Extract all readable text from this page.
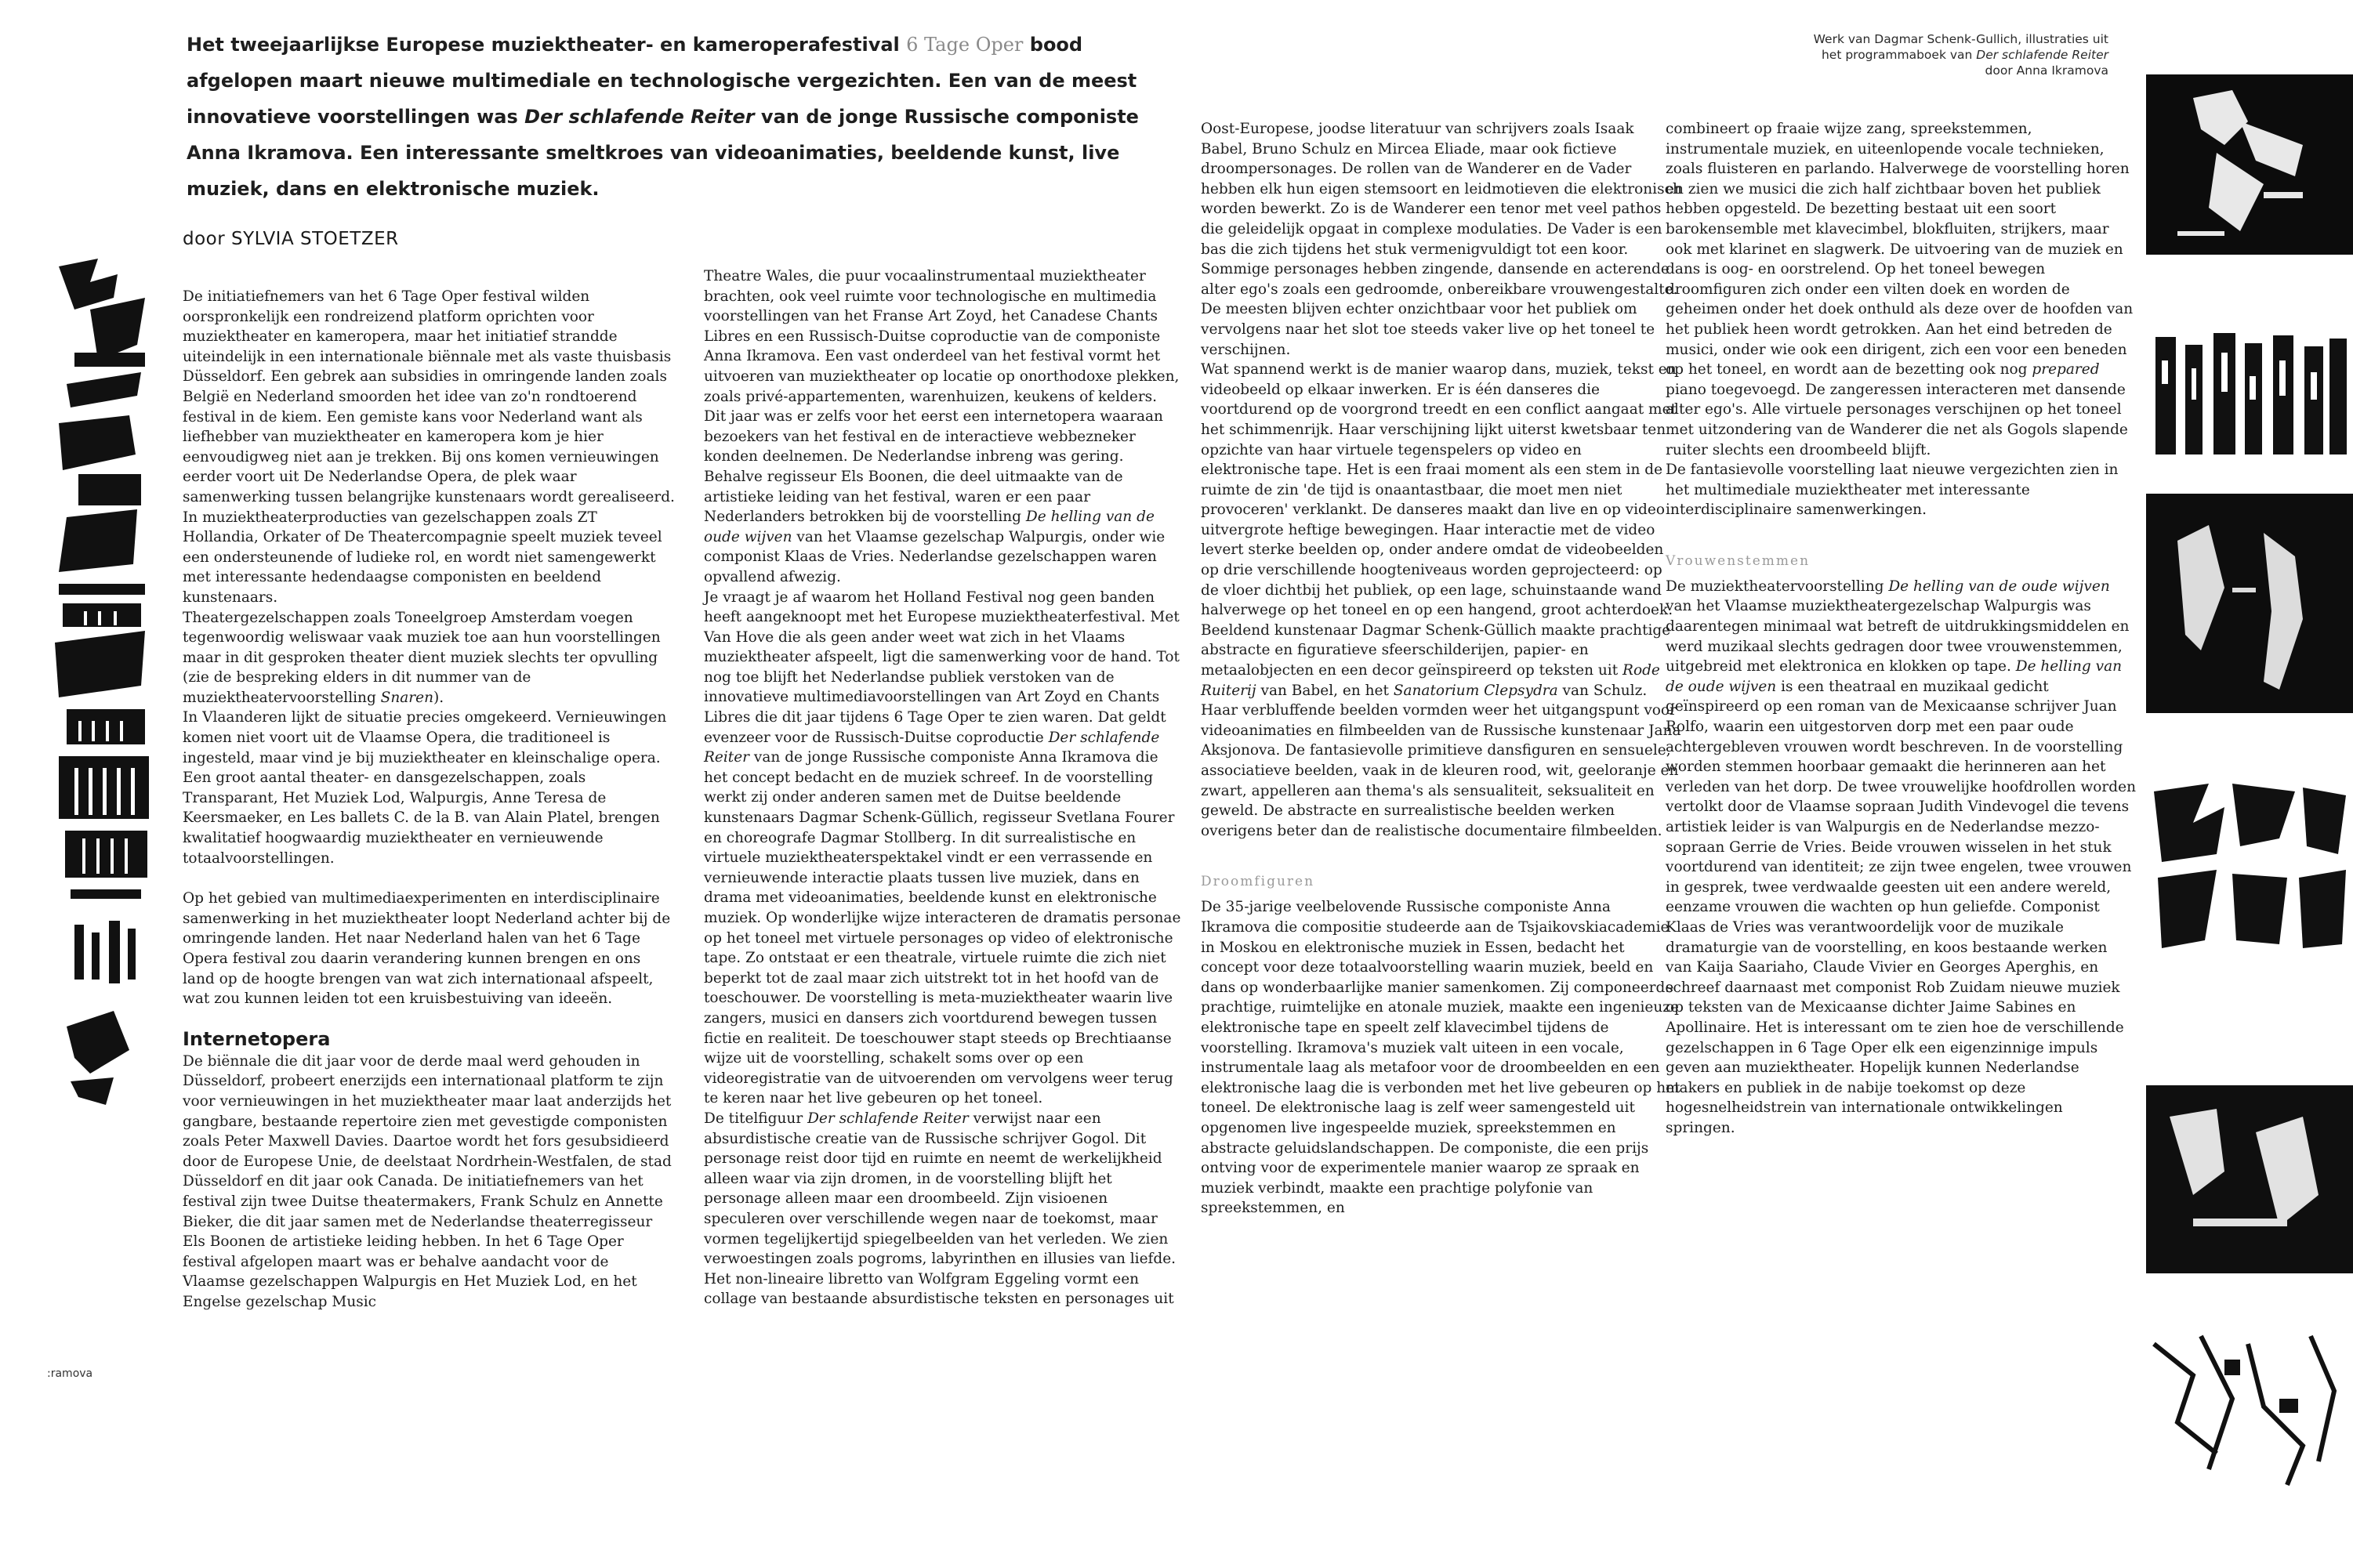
Het tweejaarlijkse Europese muziektheater- en kameroperafestival 6 Tage Oper bood afgelopen maart nieuwe multimediale en technologische vergezichten. Een van de meest innovatieve voorstellingen was Der schlafende Reiter van de jonge Russische componiste Anna Ikramova. Een interessante smeltkroes van videoanimaties, beeldende kunst, live muziek, dans en elektronische muziek.

door SYLVIA STOETZER

Werk van Dagmar Schenk-Gullich, illustraties uit het programmaboek van Der schlafende Reiter door Anna Ikramova
:ramova

De initiatiefnemers van het 6 Tage Oper festival wilden oorspronkelijk een rondreizend platform oprichten voor muziektheater en kameropera, maar het initiatief strandde uiteindelijk in een internationale biënnale met als vaste thuisbasis Düsseldorf. Een gebrek aan subsidies in omringende landen zoals België en Nederland smoorden het idee van zo'n rondtoerend festival in de kiem. Een gemiste kans voor Nederland want als liefhebber van muziektheater en kameropera kom je hier eenvoudigweg niet aan je trekken. Bij ons komen vernieuwingen eerder voort uit De Nederlandse Opera, de plek waar samenwerking tussen belangrijke kunstenaars wordt gerealiseerd. In muziektheaterproducties van gezelschappen zoals ZT Hollandia, Orkater of De Theatercompagnie speelt muziek teveel een ondersteunende of ludieke rol, en wordt niet samengewerkt met interessante hedendaagse componisten en beeldend kunstenaars.

Theatergezelschappen zoals Toneelgroep Amsterdam voegen tegenwoordig weliswaar vaak muziek toe aan hun voorstellingen maar in dit gesproken theater dient muziek slechts ter opvulling (zie de bespreking elders in dit nummer van de muziektheatervoorstelling Snaren).

In Vlaanderen lijkt de situatie precies omgekeerd. Vernieuwingen komen niet voort uit de Vlaamse Opera, die traditioneel is ingesteld, maar vind je bij muziektheater en kleinschalige opera. Een groot aantal theater- en dansgezelschappen, zoals Transparant, Het Muziek Lod, Walpurgis, Anne Teresa de Keersmaeker, en Les ballets C. de la B. van Alain Platel, brengen kwalitatief hoogwaardig muziektheater en vernieuwende totaalvoorstellingen.

Op het gebied van multimediaexperimenten en interdisciplinaire samenwerking in het muziektheater loopt Nederland achter bij de omringende landen. Het naar Nederland halen van het 6 Tage Opera festival zou daarin verandering kunnen brengen en ons land op de hoogte brengen van wat zich internationaal afspeelt, wat zou kunnen leiden tot een kruisbestuiving van ideeën.

Internetopera

De biënnale die dit jaar voor de derde maal werd gehouden in Düsseldorf, probeert enerzijds een internationaal platform te zijn voor vernieuwingen in het muziektheater maar laat anderzijds het gangbare, bestaande repertoire zien met gevestigde componisten zoals Peter Maxwell Davies. Daartoe wordt het fors gesubsidieerd door de Europese Unie, de deelstaat Nordrhein-Westfalen, de stad Düsseldorf en dit jaar ook Canada. De initiatiefnemers van het festival zijn twee Duitse theatermakers, Frank Schulz en Annette Bieker, die dit jaar samen met de Nederlandse theaterregisseur Els Boonen de artistieke leiding hebben. In het 6 Tage Oper festival afgelopen maart was er behalve aandacht voor de Vlaamse gezelschappen Walpurgis en Het Muziek Lod, en het Engelse gezelschap Music

Theatre Wales, die puur vocaalinstrumentaal muziektheater brachten, ook veel ruimte voor technologische en multimedia voorstellingen van het Franse Art Zoyd, het Canadese Chants Libres en een Russisch-Duitse coproductie van de componiste Anna Ikramova. Een vast onderdeel van het festival vormt het uitvoeren van muziektheater op locatie op onorthodoxe plekken, zoals privé-appartementen, warenhuizen, keukens of kelders. Dit jaar was er zelfs voor het eerst een internetopera waaraan bezoekers van het festival en de interactieve webbezneker konden deelnemen. De Nederlandse inbreng was gering. Behalve regisseur Els Boonen, die deel uitmaakte van de artistieke leiding van het festival, waren er een paar Nederlanders betrokken bij de voorstelling De helling van de oude wijven van het Vlaamse gezelschap Walpurgis, onder wie componist Klaas de Vries. Nederlandse gezelschappen waren opvallend afwezig.

Je vraagt je af waarom het Holland Festival nog geen banden heeft aangeknoopt met het Europese muziektheaterfestival. Met Van Hove die als geen ander weet wat zich in het Vlaams muziektheater afspeelt, ligt die samenwerking voor de hand. Tot nog toe blijft het Nederlandse publiek verstoken van de innovatieve multimediavoorstellingen van Art Zoyd en Chants Libres die dit jaar tijdens 6 Tage Oper te zien waren. Dat geldt evenzeer voor de Russisch-Duitse coproductie Der schlafende Reiter van de jonge Russische componiste Anna Ikramova die het concept bedacht en de muziek schreef. In de voorstelling werkt zij onder anderen samen met de Duitse beeldende kunstenaars Dagmar Schenk-Güllich, regisseur Svetlana Fourer en choreografe Dagmar Stollberg. In dit surrealistische en virtuele muziektheaterspektakel vindt er een verrassende en vernieuwende interactie plaats tussen live muziek, dans en drama met videoanimaties, beeldende kunst en elektronische muziek. Op wonderlijke wijze interacteren de dramatis personae op het toneel met virtuele personages op video of elektronische tape. Zo ontstaat er een theatrale, virtuele ruimte die zich niet beperkt tot de zaal maar zich uitstrekt tot in het hoofd van de toeschouwer. De voorstelling is meta-muziektheater waarin live zangers, musici en dansers zich voortdurend bewegen tussen fictie en realiteit. De toeschouwer stapt steeds op Brechtiaanse wijze uit de voorstelling, schakelt soms over op een videoregistratie van de uitvoerenden om vervolgens weer terug te keren naar het live gebeuren op het toneel.

De titelfiguur Der schlafende Reiter verwijst naar een absurdistische creatie van de Russische schrijver Gogol. Dit personage reist door tijd en ruimte en neemt de werkelijkheid alleen waar via zijn dromen, in de voorstelling blijft het personage alleen maar een droombeeld. Zijn visioenen speculeren over verschillende wegen naar de toekomst, maar vormen tegelijkertijd spiegelbeelden van het verleden. We zien verwoestingen zoals pogroms, labyrinthen en illusies van liefde. Het non-lineaire libretto van Wolfgram Eggeling vormt een collage van bestaande absurdistische teksten en personages uit

Oost-Europese, joodse literatuur van schrijvers zoals Isaak Babel, Bruno Schulz en Mircea Eliade, maar ook fictieve droompersonages. De rollen van de Wanderer en de Vader hebben elk hun eigen stemsoort en leidmotieven die elektronisch worden bewerkt. Zo is de Wanderer een tenor met veel pathos die geleidelijk opgaat in complexe modulaties. De Vader is een bas die zich tijdens het stuk vermenigvuldigt tot een koor. Sommige personages hebben zingende, dansende en acterende alter ego's zoals een gedroomde, onbereikbare vrouwengestalte. De meesten blijven echter onzichtbaar voor het publiek om vervolgens naar het slot toe steeds vaker live op het toneel te verschijnen.

Wat spannend werkt is de manier waarop dans, muziek, tekst en videobeeld op elkaar inwerken. Er is één danseres die voortdurend op de voorgrond treedt en een conflict aangaat met het schimmenrijk. Haar verschijning lijkt uiterst kwetsbaar ten opzichte van haar virtuele tegenspelers op video en elektronische tape. Het is een fraai moment als een stem in de ruimte de zin 'de tijd is onaantastbaar, die moet men niet provoceren' verklankt. De danseres maakt dan live en op video uitvergrote heftige bewegingen. Haar interactie met de video levert sterke beelden op, onder andere omdat de videobeelden op drie verschillende hoogteniveaus worden geprojecteerd: op de vloer dichtbij het publiek, op een lage, schuinstaande wand halverwege op het toneel en op een hangend, groot achterdoek. Beeldend kunstenaar Dagmar Schenk-Güllich maakte prachtige abstracte en figuratieve sfeerschilderijen, papier- en metaalobjecten en een decor geïnspireerd op teksten uit Rode Ruiterij van Babel, en het Sanatorium Clepsydra van Schulz. Haar verbluffende beelden vormden weer het uitgangspunt voor videoanimaties en filmbeelden van de Russische kunstenaar Jana Aksjonova. De fantasievolle primitieve dansfiguren en sensuele, associatieve beelden, vaak in de kleuren rood, wit, geeloranje en zwart, appelleren aan thema's als sensualiteit, seksualiteit en geweld. De abstracte en surrealistische beelden werken overigens beter dan de realistische documentaire filmbeelden.

Droomfiguren

De 35-jarige veelbelovende Russische componiste Anna Ikramova die compositie studeerde aan de Tsjaikovskiacademie in Moskou en elektronische muziek in Essen, bedacht het concept voor deze totaalvoorstelling waarin muziek, beeld en dans op wonderbaarlijke manier samenkomen. Zij componeerde prachtige, ruimtelijke en atonale muziek, maakte een ingenieuze elektronische tape en speelt zelf klavecimbel tijdens de voorstelling. Ikramova's muziek valt uiteen in een vocale, instrumentale laag als metafoor voor de droombeelden en een elektronische laag die is verbonden met het live gebeuren op het toneel. De elektronische laag is zelf weer samengesteld uit opgenomen live ingespeelde muziek, spreekstemmen en abstracte geluidslandschappen. De componiste, die een prijs ontving voor de experimentele manier waarop ze spraak en muziek verbindt, maakte een prachtige polyfonie van spreekstemmen, en

combineert op fraaie wijze zang, spreekstemmen, instrumentale muziek, en uiteenlopende vocale technieken, zoals fluisteren en parlando. Halverwege de voorstelling horen en zien we musici die zich half zichtbaar boven het publiek hebben opgesteld. De bezetting bestaat uit een soort barokensemble met klavecimbel, blokfluiten, strijkers, maar ook met klarinet en slagwerk. De uitvoering van de muziek en dans is oog- en oorstrelend. Op het toneel bewegen droomfiguren zich onder een vilten doek en worden de geheimen onder het doek onthuld als deze over de hoofden van het publiek heen wordt getrokken. Aan het eind betreden de musici, onder wie ook een dirigent, zich een voor een beneden op het toneel, en wordt aan de bezetting ook nog prepared piano toegevoegd. De zangeressen interacteren met dansende alter ego's. Alle virtuele personages verschijnen op het toneel met uitzondering van de Wanderer die net als Gogols slapende ruiter slechts een droombeeld blijft.

De fantasievolle voorstelling laat nieuwe vergezichten zien in het multimediale muziektheater met interessante interdisciplinaire samenwerkingen.

Vrouwenstemmen

De muziektheatervoorstelling De helling van de oude wijven van het Vlaamse muziektheatergezelschap Walpurgis was daarentegen minimaal wat betreft de uitdrukkingsmiddelen en werd muzikaal slechts gedragen door twee vrouwenstemmen, uitgebreid met elektronica en klokken op tape. De helling van de oude wijven is een theatraal en muzikaal gedicht geïnspireerd op een roman van de Mexicaanse schrijver Juan Rolfo, waarin een uitgestorven dorp met een paar oude achtergebleven vrouwen wordt beschreven. In de voorstelling worden stemmen hoorbaar gemaakt die herinneren aan het verleden van het dorp. De twee vrouwelijke hoofdrollen worden vertolkt door de Vlaamse sopraan Judith Vindevogel die tevens artistiek leider is van Walpurgis en de Nederlandse mezzo-sopraan Gerrie de Vries. Beide vrouwen wisselen in het stuk voortdurend van identiteit; ze zijn twee engelen, twee vrouwen in gesprek, twee verdwaalde geesten uit een andere wereld, eenzame vrouwen die wachten op hun geliefde. Componist Klaas de Vries was verantwoordelijk voor de muzikale dramaturgie van de voorstelling, en koos bestaande werken van Kaija Saariaho, Claude Vivier en Georges Aperghis, en schreef daarnaast met componist Rob Zuidam nieuwe muziek op teksten van de Mexicaanse dichter Jaime Sabines en Apollinaire. Het is interessant om te zien hoe de verschillende gezelschappen in 6 Tage Oper elk een eigenzinnige impuls geven aan muziektheater. Hopelijk kunnen Nederlandse makers en publiek in de nabije toekomst op deze hogesnelheidstrein van internationale ontwikkelingen springen.
